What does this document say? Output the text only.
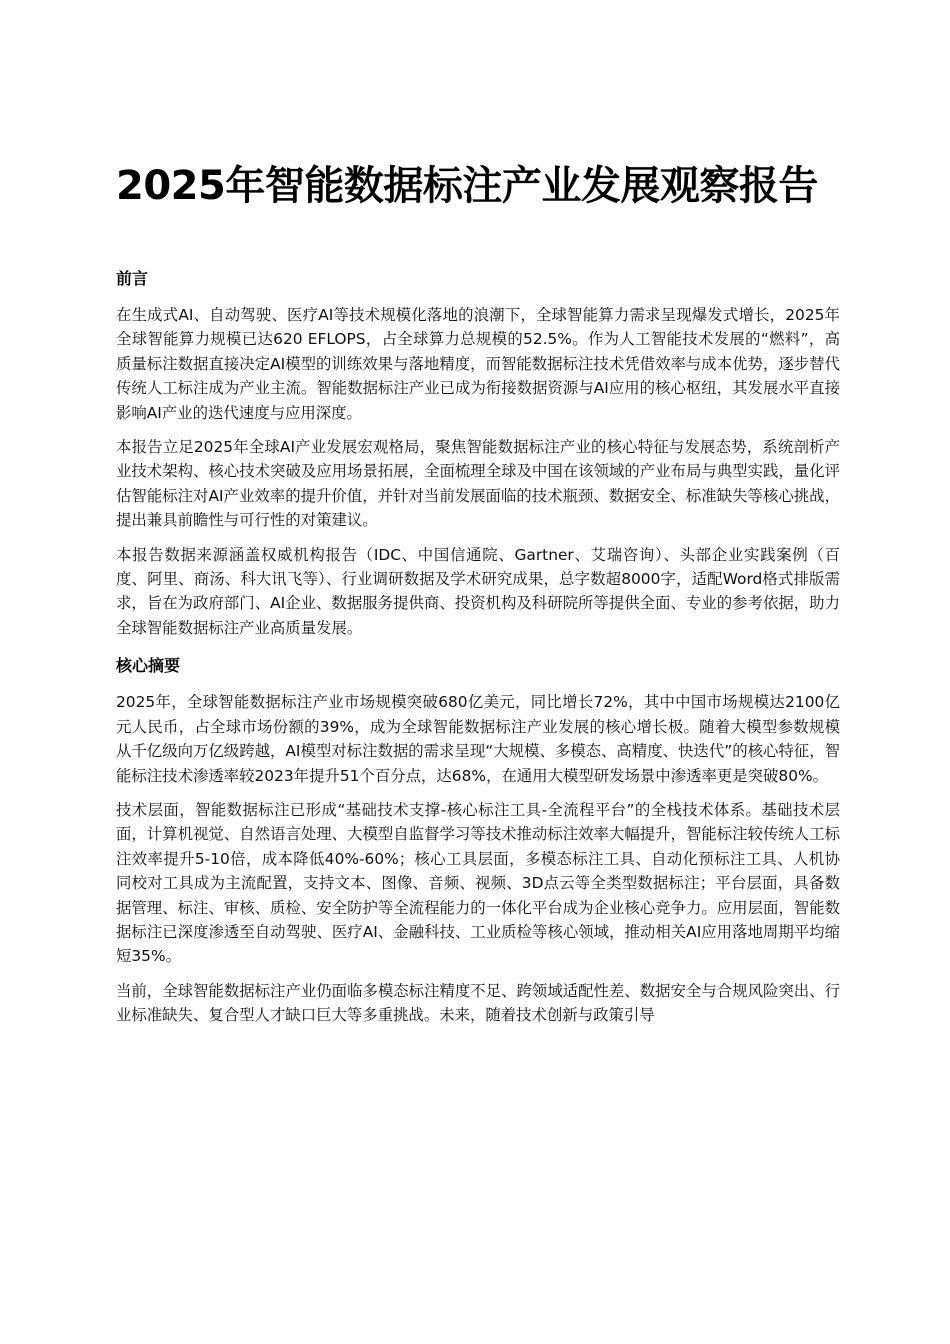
2025年智能数据标注产业发展观察报告
前言

在生成式AI、自动驾驶、医疗AI等技术规模化落地的浪潮下，全球智能算力需求呈现爆发式增长，2025年全球智能算力规模已达620 EFLOPS，占全球算力总规模的52.5%。作为人工智能技术发展的“燃料”，高质量标注数据直接决定AI模型的训练效果与落地精度，而智能数据标注技术凭借效率与成本优势，逐步替代传统人工标注成为产业主流。智能数据标注产业已成为衔接数据资源与AI应用的核心枢纽，其发展水平直接影响AI产业的迭代速度与应用深度。

本报告立足2025年全球AI产业发展宏观格局，聚焦智能数据标注产业的核心特征与发展态势，系统剖析产业技术架构、核心技术突破及应用场景拓展，全面梳理全球及中国在该领域的产业布局与典型实践，量化评估智能标注对AI产业效率的提升价值，并针对当前发展面临的技术瓶颈、数据安全、标准缺失等核心挑战，提出兼具前瞻性与可行性的对策建议。

本报告数据来源涵盖权威机构报告（IDC、中国信通院、Gartner、艾瑞咨询）、头部企业实践案例（百度、阿里、商汤、科大讯飞等）、行业调研数据及学术研究成果，总字数超8000字，适配Word格式排版需求，旨在为政府部门、AI企业、数据服务提供商、投资机构及科研院所等提供全面、专业的参考依据，助力全球智能数据标注产业高质量发展。

核心摘要

2025年，全球智能数据标注产业市场规模突破680亿美元，同比增长72%，其中中国市场规模达2100亿元人民币，占全球市场份额的39%，成为全球智能数据标注产业发展的核心增长极。随着大模型参数规模从千亿级向万亿级跨越，AI模型对标注数据的需求呈现“大规模、多模态、高精度、快迭代”的核心特征，智能标注技术渗透率较2023年提升51个百分点，达68%，在通用大模型研发场景中渗透率更是突破80%。

技术层面，智能数据标注已形成“基础技术支撑-核心标注工具-全流程平台”的全栈技术体系。基础技术层面，计算机视觉、自然语言处理、大模型自监督学习等技术推动标注效率大幅提升，智能标注较传统人工标注效率提升5-10倍，成本降低40%-60%；核心工具层面，多模态标注工具、自动化预标注工具、人机协同校对工具成为主流配置，支持文本、图像、音频、视频、3D点云等全类型数据标注；平台层面，具备数据管理、标注、审核、质检、安全防护等全流程能力的一体化平台成为企业核心竞争力。应用层面，智能数据标注已深度渗透至自动驾驶、医疗AI、金融科技、工业质检等核心领域，推动相关AI应用落地周期平均缩短35%。

当前，全球智能数据标注产业仍面临多模态标注精度不足、跨领域适配性差、数据安全与合规风险突出、行业标准缺失、复合型人才缺口巨大等多重挑战。未来，随着技术创新与政策引导
